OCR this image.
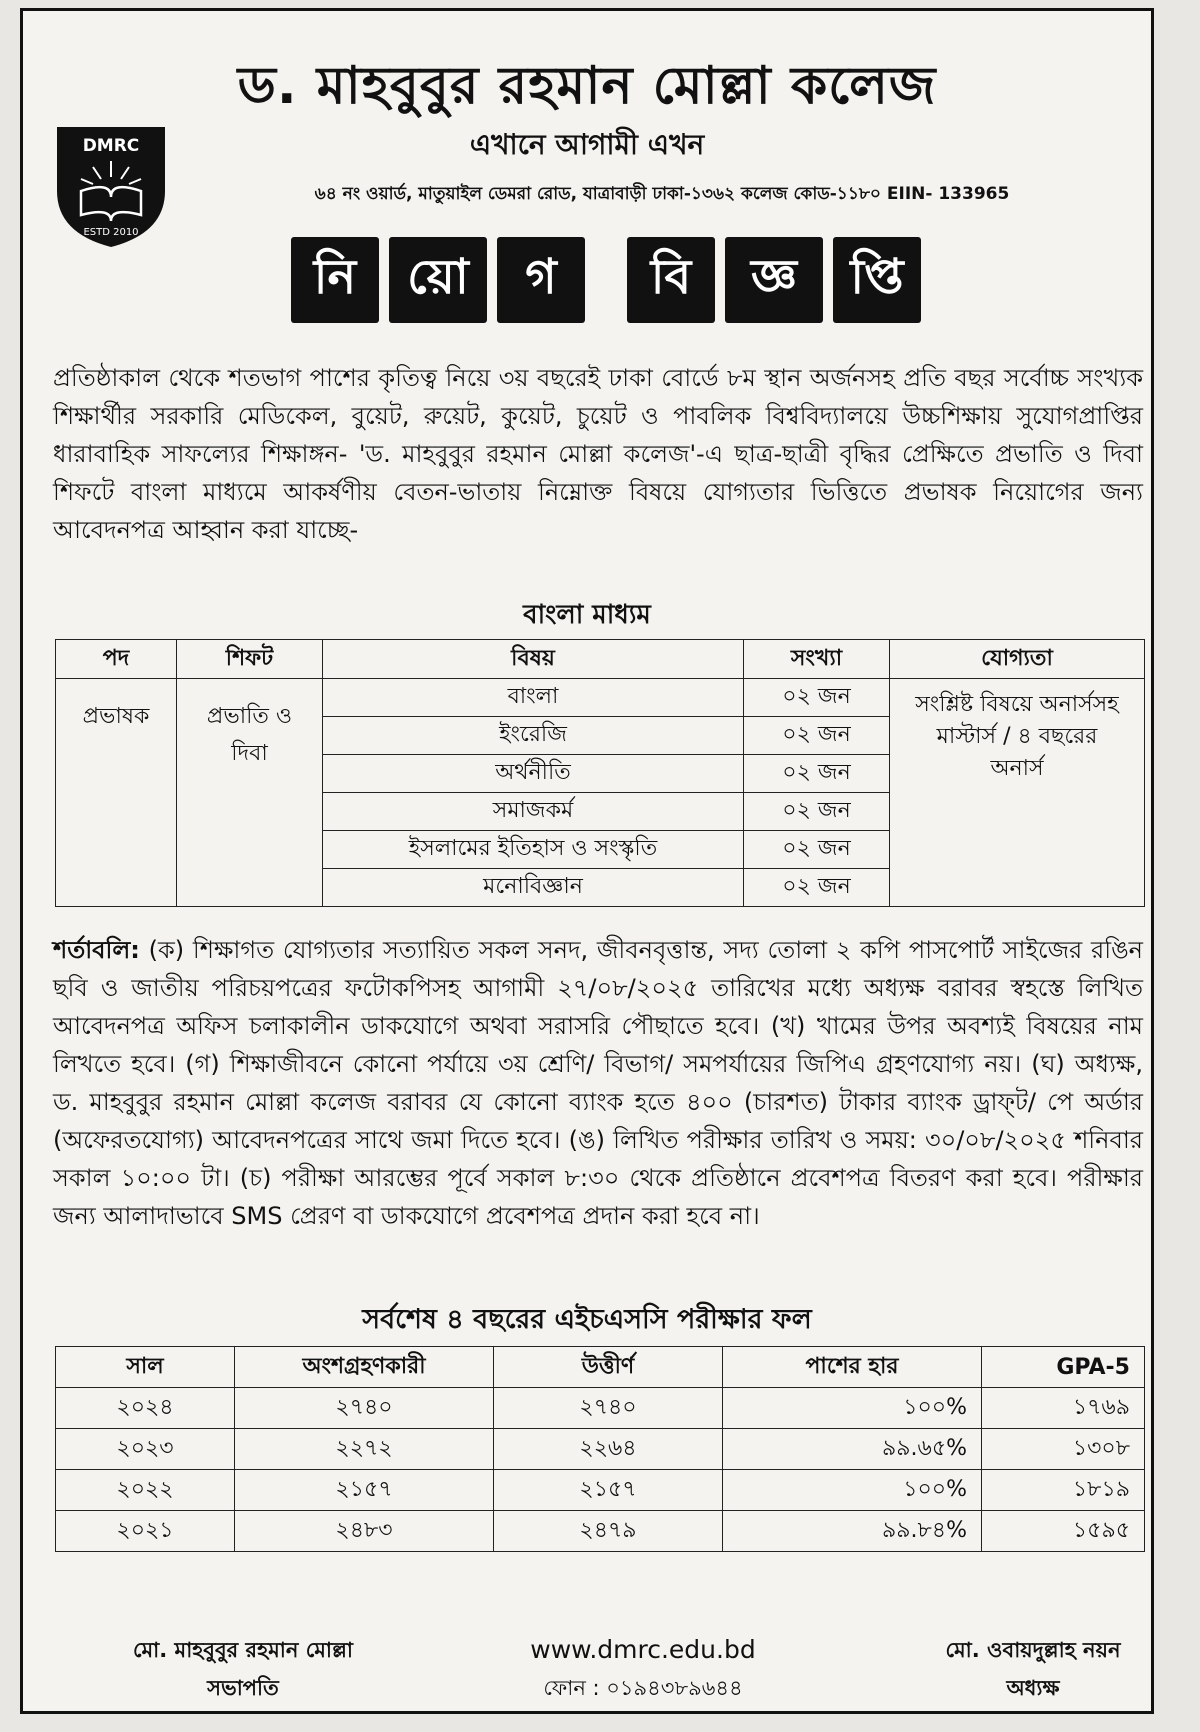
DMRC
ESTD 2010
ড. মাহবুবুর রহমান মোল্লা কলেজ
এখানে আগামী এখন
৬৪ নং ওয়ার্ড, মাতুয়াইল ডেমরা রোড, যাত্রাবাড়ী ঢাকা-১৩৬২ কলেজ কোড-১১৮০ EIIN- 133965
নি	য়ো	গ	বি	জ্ঞ	প্তি
প্রতিষ্ঠাকাল থেকে শতভাগ পাশের কৃতিত্ব নিয়ে ৩য় বছরেই ঢাকা বোর্ডে ৮ম স্থান অর্জনসহ প্রতি বছর সর্বোচ্চ সংখ্যক শিক্ষার্থীর সরকারি মেডিকেল, বুয়েট, রুয়েট, কুয়েট, চুয়েট ও পাবলিক বিশ্ববিদ্যালয়ে উচ্চশিক্ষায় সুযোগপ্রাপ্তির ধারাবাহিক সাফল্যের শিক্ষাঙ্গন- 'ড. মাহবুবুর রহমান মোল্লা কলেজ'-এ ছাত্র-ছাত্রী বৃদ্ধির প্রেক্ষিতে প্রভাতি ও দিবা শিফটে বাংলা মাধ্যমে আকর্ষণীয় বেতন-ভাতায় নিম্নোক্ত বিষয়ে যোগ্যতার ভিত্তিতে প্রভাষক নিয়োগের জন্য আবেদনপত্র আহ্বান করা যাচ্ছে-
বাংলা মাধ্যম
পদ	শিফট	বিষয়	সংখ্যা	যোগ্যতা
প্রভাষক	প্রভাতি ও দিবা	বাংলা	০২ জন	সংশ্লিষ্ট বিষয়ে অনার্সসহ মাস্টার্স / ৪ বছরের অনার্স
		ইংরেজি	০২ জন	
		অর্থনীতি	০২ জন	
		সমাজকর্ম	০২ জন	
		ইসলামের ইতিহাস ও সংস্কৃতি	০২ জন	
		মনোবিজ্ঞান	০২ জন	
শর্তাবলি: (ক) শিক্ষাগত যোগ্যতার সত্যায়িত সকল সনদ, জীবনবৃত্তান্ত, সদ্য তোলা ২ কপি পাসপোর্ট সাইজের রঙিন ছবি ও জাতীয় পরিচয়পত্রের ফটোকপিসহ আগামী ২৭/০৮/২০২৫ তারিখের মধ্যে অধ্যক্ষ বরাবর স্বহস্তে লিখিত আবেদনপত্র অফিস চলাকালীন ডাকযোগে অথবা সরাসরি পৌছাতে হবে। (খ) খামের উপর অবশ্যই বিষয়ের নাম লিখতে হবে। (গ) শিক্ষাজীবনে কোনো পর্যায়ে ৩য় শ্রেণি/ বিভাগ/ সমপর্যায়ের জিপিএ গ্রহণযোগ্য নয়। (ঘ) অধ্যক্ষ, ড. মাহবুবুর রহমান মোল্লা কলেজ বরাবর যে কোনো ব্যাংক হতে ৪০০ (চারশত) টাকার ব্যাংক ড্রাফ্‌ট/ পে অর্ডার (অফেরতযোগ্য) আবেদনপত্রের সাথে জমা দিতে হবে। (ঙ) লিখিত পরীক্ষার তারিখ ও সময়: ৩০/০৮/২০২৫ শনিবার সকাল ১০:০০ টা। (চ) পরীক্ষা আরম্ভের পূর্বে সকাল ৮:৩০ থেকে প্রতিষ্ঠানে প্রবেশপত্র বিতরণ করা হবে। পরীক্ষার জন্য আলাদাভাবে SMS প্রেরণ বা ডাকযোগে প্রবেশপত্র প্রদান করা হবে না।
সর্বশেষ ৪ বছরের এইচএসসি পরীক্ষার ফল
সাল	অংশগ্রহণকারী	উত্তীর্ণ	পাশের হার	GPA-5
২০২৪	২৭৪০	২৭৪০	১০০%	১৭৬৯
২০২৩	২২৭২	২২৬৪	৯৯.৬৫%	১৩০৮
২০২২	২১৫৭	২১৫৭	১০০%	১৮১৯
২০২১	২৪৮৩	২৪৭৯	৯৯.৮৪%	১৫৯৫
মো. মাহবুবুর রহমান মোল্লা
সভাপতি
www.dmrc.edu.bd
ফোন : ০১৯৪৩৮৯৬৪৪
মো. ওবায়দুল্লাহ নয়ন
অধ্যক্ষ
